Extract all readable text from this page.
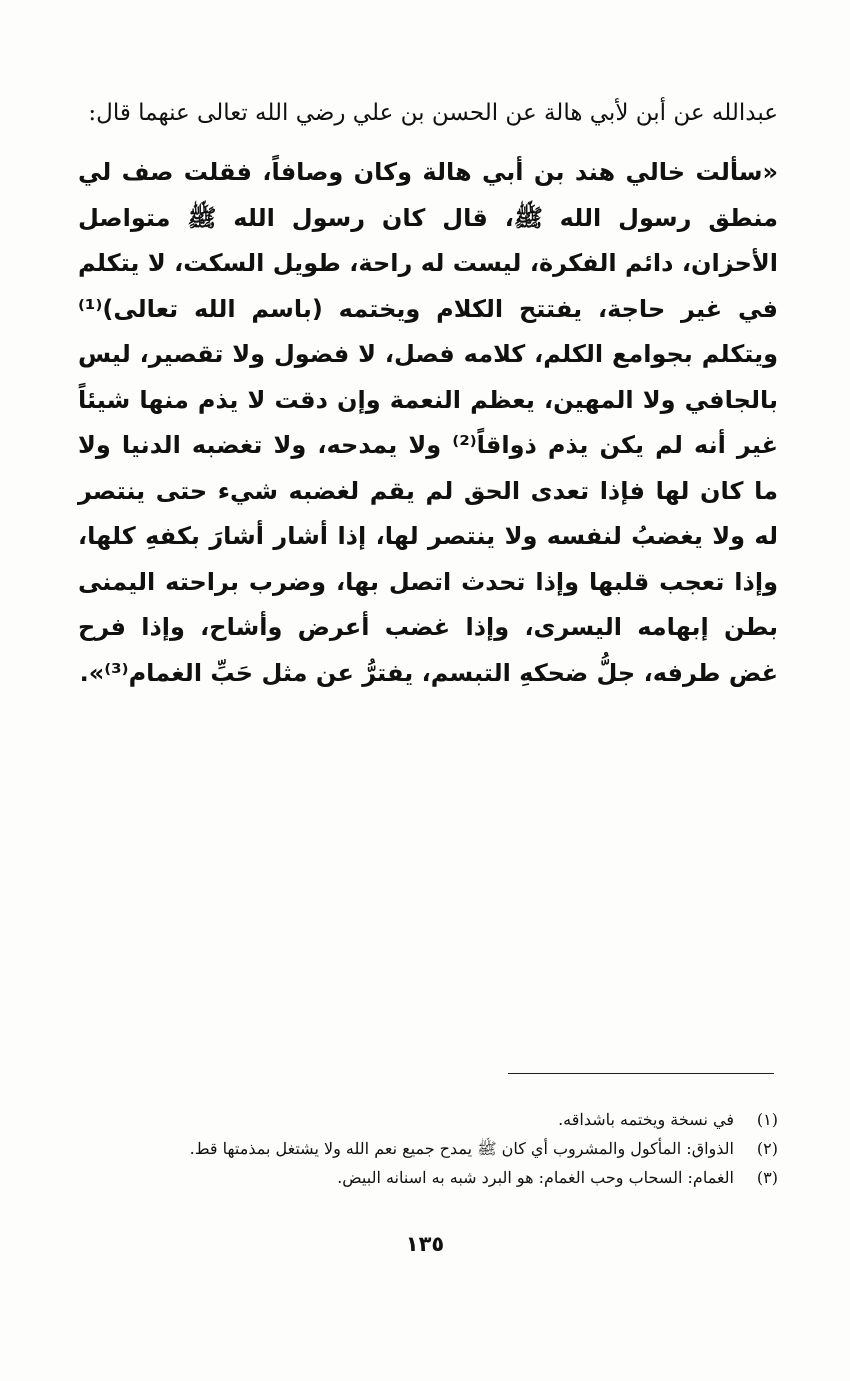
عبدالله عن أبن لأبي هالة عن الحسن بن علي رضي الله تعالى عنهما قال:

«سألت خالي هند بن أبي هالة وكان وصافاً، فقلت صف لي منطق رسول الله ﷺ، قال كان رسول الله ﷺ متواصل الأحزان، دائم الفكرة، ليست له راحة، طويل السكت، لا يتكلم في غير حاجة، يفتتح الكلام ويختمه (باسم الله تعالى)⁽¹⁾ ويتكلم بجوامع الكلم، كلامه فصل، لا فضول ولا تقصير، ليس بالجافي ولا المهين، يعظم النعمة وإن دقت لا يذم منها شيئاً غير أنه لم يكن يذم ذواقاً⁽²⁾ ولا يمدحه، ولا تغضبه الدنيا ولا ما كان لها فإذا تعدى الحق لم يقم لغضبه شيء حتى ينتصر له ولا يغضبُ لنفسه ولا ينتصر لها، إذا أشار أشارَ بكفهِ كلها، وإذا تعجب قلبها وإذا تحدث اتصل بها، وضرب براحته اليمنى بطن إبهامه اليسرى، وإذا غضب أعرض وأشاح، وإذا فرح غض طرفه، جلُّ ضحكهِ التبسم، يفترُّ عن مثل حَبِّ الغمام⁽³⁾».

(١)
في نسخة ويختمه باشداقه.
(٢)
الذواق: المأكول والمشروب أي كان ﷺ يمدح جميع نعم الله ولا يشتغل بمذمتها قط.
(٣)
الغمام: السحاب وحب الغمام: هو البرد شبه به اسنانه البيض.
١٣٥
